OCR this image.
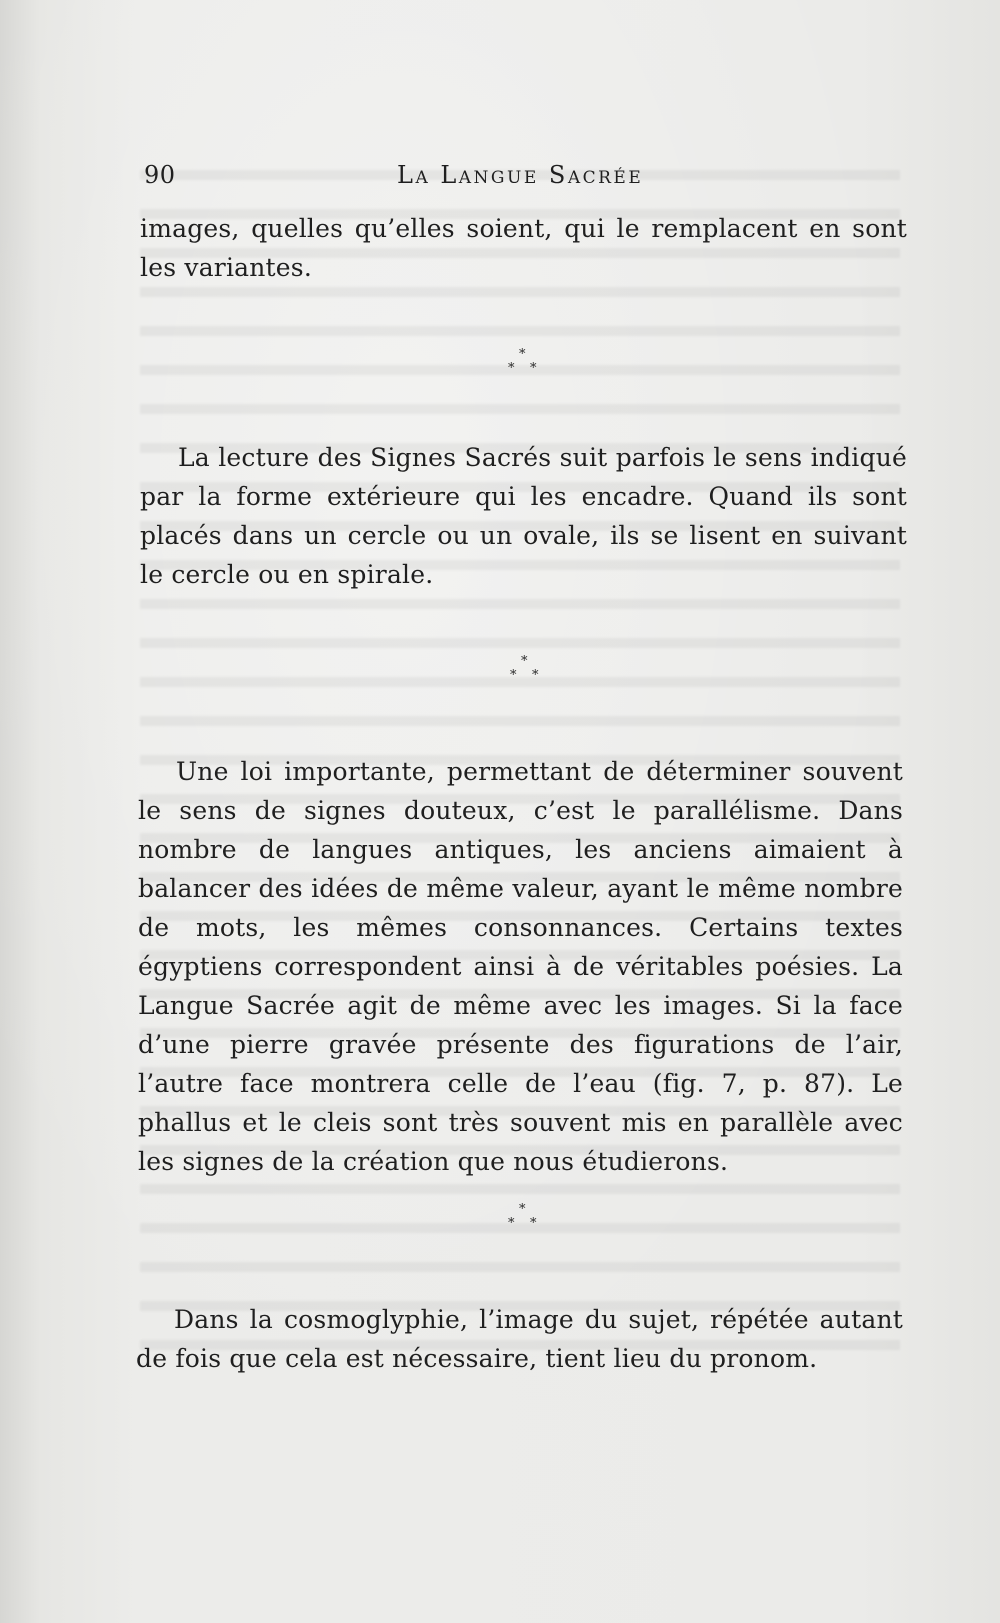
90	La Langue Sacrée

images, quelles qu’elles soient, qui le remplacent en sont les variantes.

*
* *

La lecture des Signes Sacrés suit parfois le sens indiqué par la forme extérieure qui les encadre. Quand ils sont placés dans un cercle ou un ovale, ils se lisent en suivant le cercle ou en spirale.

*
* *

Une loi importante, permettant de déterminer souvent le sens de signes douteux, c’est le parallélisme. Dans nombre de langues antiques, les anciens aimaient à balancer des idées de même valeur, ayant le même nombre de mots, les mêmes consonnances. Certains textes égyptiens correspondent ainsi à de véritables poésies. La Langue Sacrée agit de même avec les images. Si la face d’une pierre gravée présente des figurations de l’air, l’autre face montrera celle de l’eau (fig. 7, p. 87). Le phallus et le cleis sont très souvent mis en parallèle avec les signes de la création que nous étudierons.

*
* *

Dans la cosmoglyphie, l’image du sujet, répétée autant de fois que cela est nécessaire, tient lieu du pronom.
